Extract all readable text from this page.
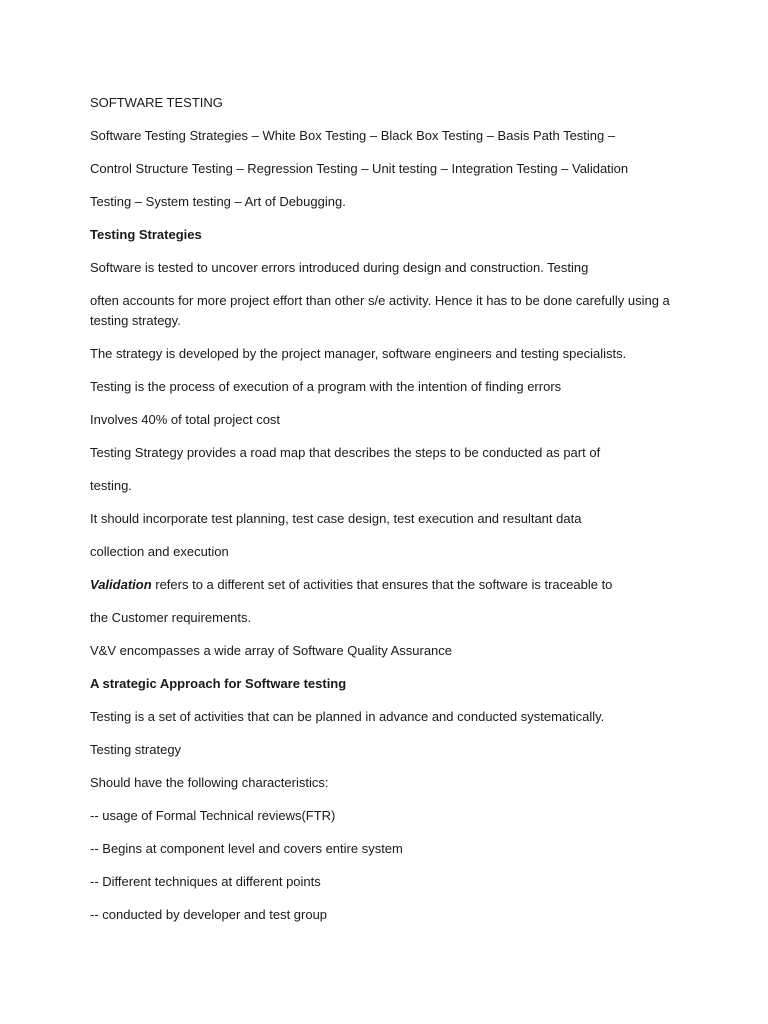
SOFTWARE TESTING

Software Testing Strategies – White Box Testing – Black Box Testing – Basis Path Testing –

Control Structure Testing – Regression Testing – Unit testing – Integration Testing – Validation

Testing – System testing – Art of Debugging.

Testing Strategies

Software is tested to uncover errors introduced during design and construction. Testing

often accounts for more project effort than other s/e activity. Hence it has to be done carefully using a testing strategy.

The strategy is developed by the project manager, software engineers and testing specialists.

Testing is the process of execution of a program with the intention of finding errors

Involves 40% of total project cost

Testing Strategy provides a road map that describes the steps to be conducted as part of

testing.

It should incorporate test planning, test case design, test execution and resultant data

collection and execution

Validation refers to a different set of activities that ensures that the software is traceable to

the Customer requirements.

V&V encompasses a wide array of Software Quality Assurance

A strategic Approach for Software testing

Testing is a set of activities that can be planned in advance and conducted systematically.

Testing strategy

Should have the following characteristics:

-- usage of Formal Technical reviews(FTR)

-- Begins at component level and covers entire system

-- Different techniques at different points

-- conducted by developer and test group
